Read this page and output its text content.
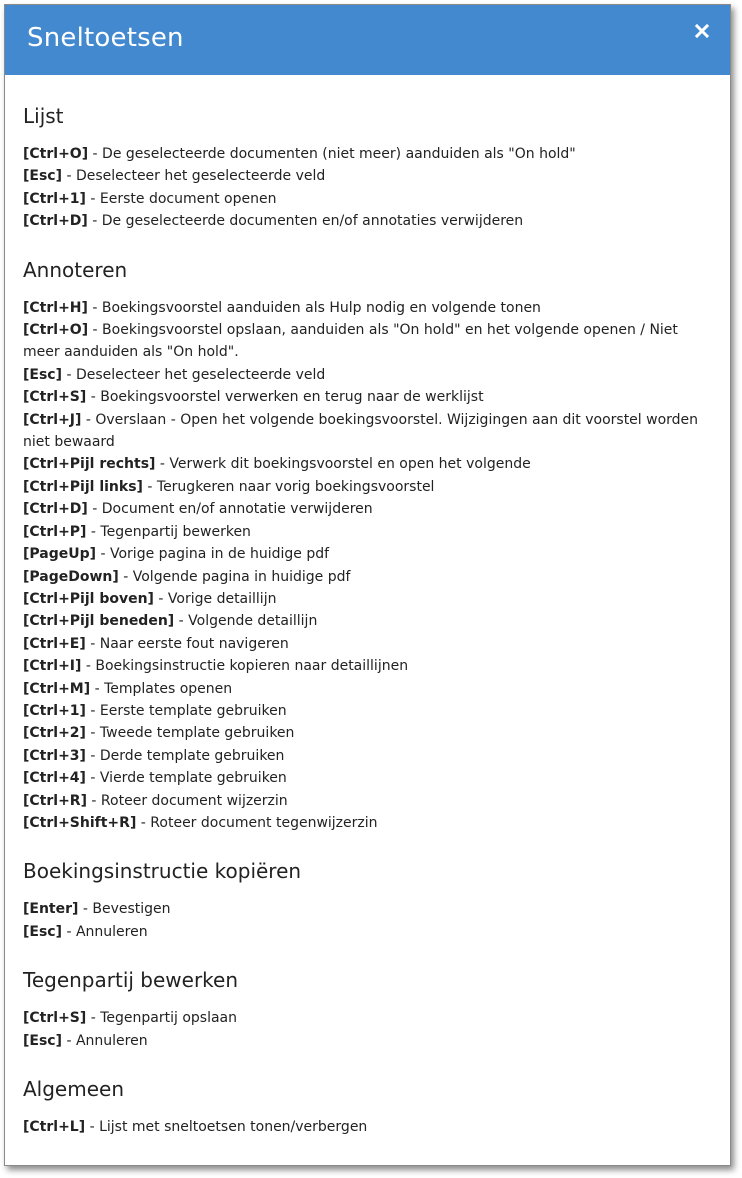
Sneltoetsen
Lijst
[Ctrl+O] - De geselecteerde documenten (niet meer) aanduiden als "On hold"
[Esc] - Deselecteer het geselecteerde veld
[Ctrl+1] - Eerste document openen
[Ctrl+D] - De geselecteerde documenten en/of annotaties verwijderen
Annoteren
[Ctrl+H] - Boekingsvoorstel aanduiden als Hulp nodig en volgende tonen
[Ctrl+O] - Boekingsvoorstel opslaan, aanduiden als "On hold" en het volgende openen / Niet meer aanduiden als "On hold".
[Esc] - Deselecteer het geselecteerde veld
[Ctrl+S] - Boekingsvoorstel verwerken en terug naar de werklijst
[Ctrl+J] - Overslaan - Open het volgende boekingsvoorstel. Wijzigingen aan dit voorstel worden niet bewaard
[Ctrl+Pijl rechts] - Verwerk dit boekingsvoorstel en open het volgende
[Ctrl+Pijl links] - Terugkeren naar vorig boekingsvoorstel
[Ctrl+D] - Document en/of annotatie verwijderen
[Ctrl+P] - Tegenpartij bewerken
[PageUp] - Vorige pagina in de huidige pdf
[PageDown] - Volgende pagina in huidige pdf
[Ctrl+Pijl boven] - Vorige detaillijn
[Ctrl+Pijl beneden] - Volgende detaillijn
[Ctrl+E] - Naar eerste fout navigeren
[Ctrl+I] - Boekingsinstructie kopieren naar detaillijnen
[Ctrl+M] - Templates openen
[Ctrl+1] - Eerste template gebruiken
[Ctrl+2] - Tweede template gebruiken
[Ctrl+3] - Derde template gebruiken
[Ctrl+4] - Vierde template gebruiken
[Ctrl+R] - Roteer document wijzerzin
[Ctrl+Shift+R] - Roteer document tegenwijzerzin
Boekingsinstructie kopiëren
[Enter] - Bevestigen
[Esc] - Annuleren
Tegenpartij bewerken
[Ctrl+S] - Tegenpartij opslaan
[Esc] - Annuleren
Algemeen
[Ctrl+L] - Lijst met sneltoetsen tonen/verbergen
